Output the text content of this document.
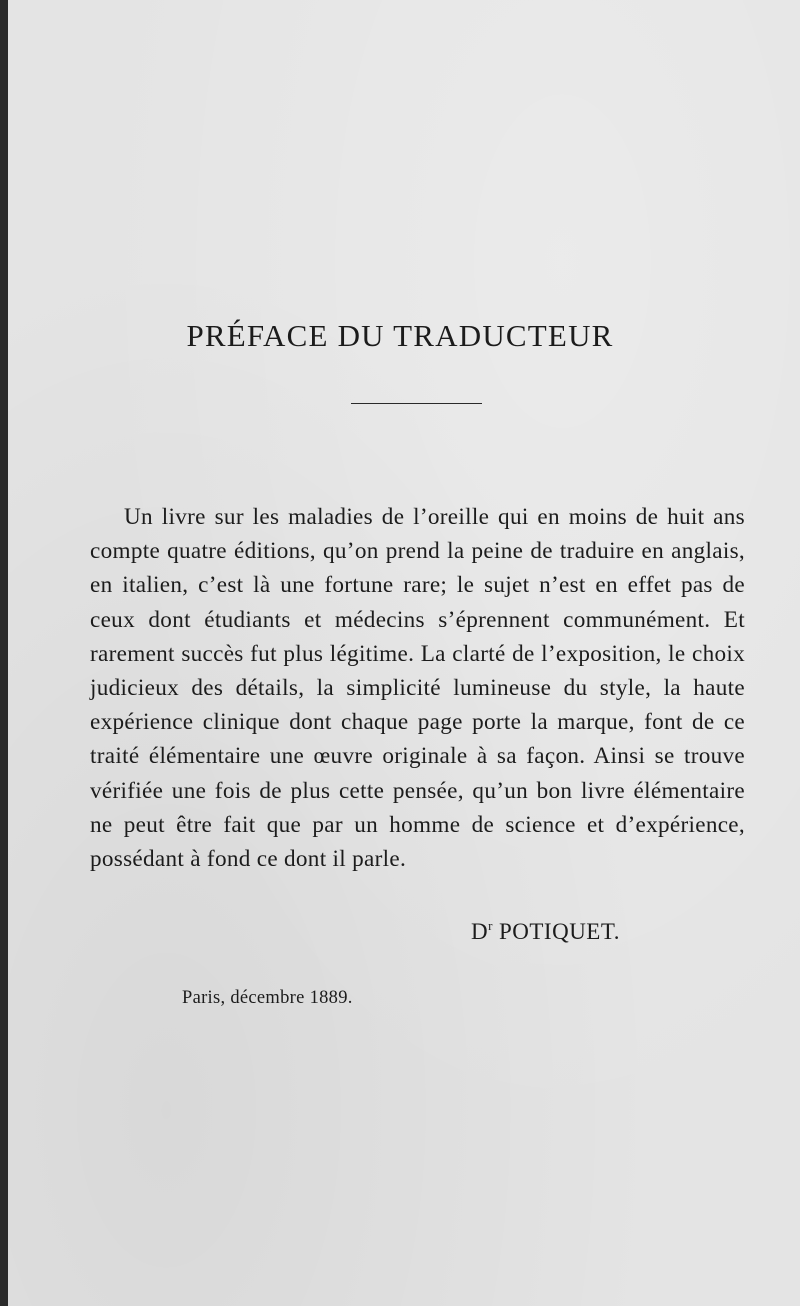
PRÉFACE DU TRADUCTEUR

Un livre sur les maladies de l’oreille qui en moins de huit ans compte quatre éditions, qu’on prend la peine de traduire en anglais, en italien, c’est là une fortune rare; le sujet n’est en effet pas de ceux dont étudiants et médecins s’éprennent communément. Et rarement succès fut plus légitime. La clarté de l’exposition, le choix judicieux des détails, la simplicité lumineuse du style, la haute expérience clinique dont chaque page porte la marque, font de ce traité élémentaire une œuvre originale à sa façon. Ainsi se trouve vérifiée une fois de plus cette pensée, qu’un bon livre élémentaire ne peut être fait que par un homme de science et d’expérience, possédant à fond ce dont il parle.

$D^r$ POTIQUET.
Paris, décembre 1889.
